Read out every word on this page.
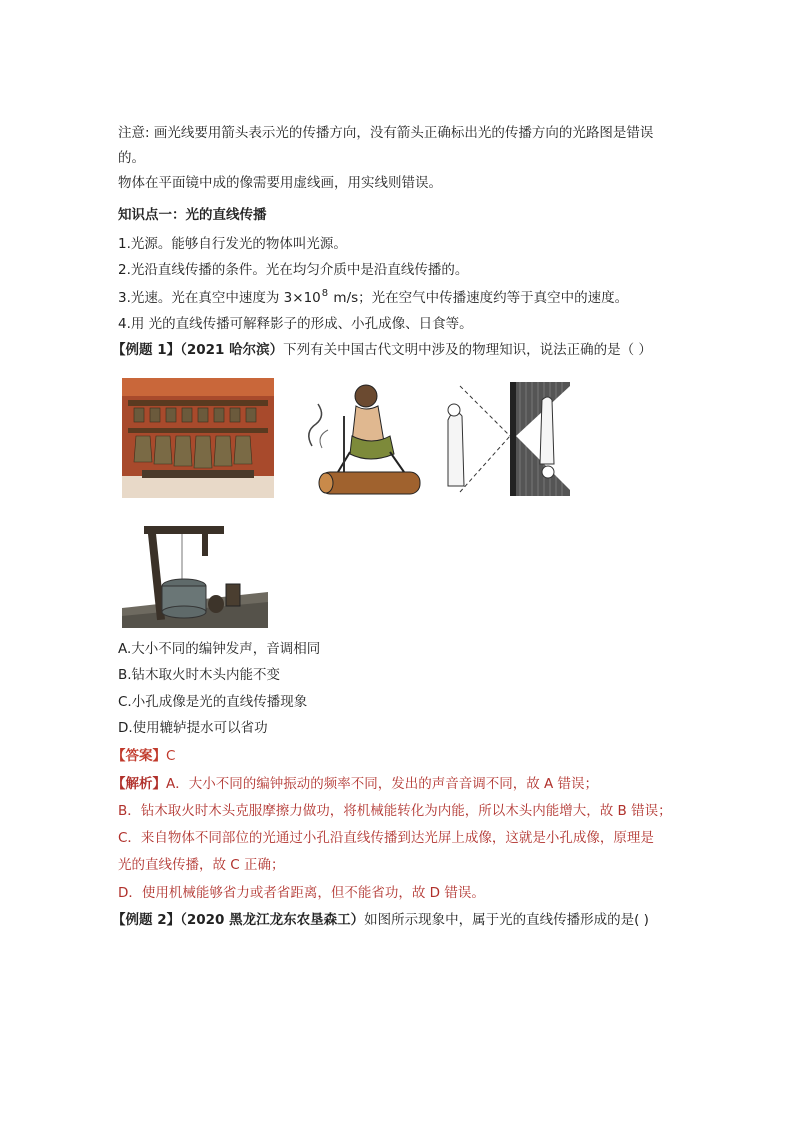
注意: 画光线要用箭头表示光的传播方向，没有箭头正确标出光的传播方向的光路图是错误
的。
物体在平面镜中成的像需要用虚线画，用实线则错误。
知识点一：光的直线传播
1.光源。能够自行发光的物体叫光源。
2.光沿直线传播的条件。光在均匀介质中是沿直线传播的。
3.光速。光在真空中速度为 $3\times 10^8$ m/s；光在空气中传播速度约等于真空中的速度。
4.用 光的直线传播可解释影子的形成、小孔成像、日食等。
【例题 1】（2021 哈尔滨）下列有关中国古代文明中涉及的物理知识，说法正确的是（ ）
A.大小不同的编钟发声，音调相同
B.钻木取火时木头内能不变
C.小孔成像是光的直线传播现象
D.使用辘轳提水可以省功
【答案】C
【解析】A．大小不同的编钟振动的频率不同，发出的声音音调不同，故 A 错误；
B．钻木取火时木头克服摩擦力做功，将机械能转化为内能，所以木头内能增大，故 B 错误；
C．来自物体不同部位的光通过小孔沿直线传播到达光屏上成像，这就是小孔成像，原理是
光的直线传播，故 C 正确；
D．使用机械能够省力或者省距离，但不能省功，故 D 错误。
【例题 2】（2020 黑龙江龙东农垦森工）如图所示现象中，属于光的直线传播形成的是( )
